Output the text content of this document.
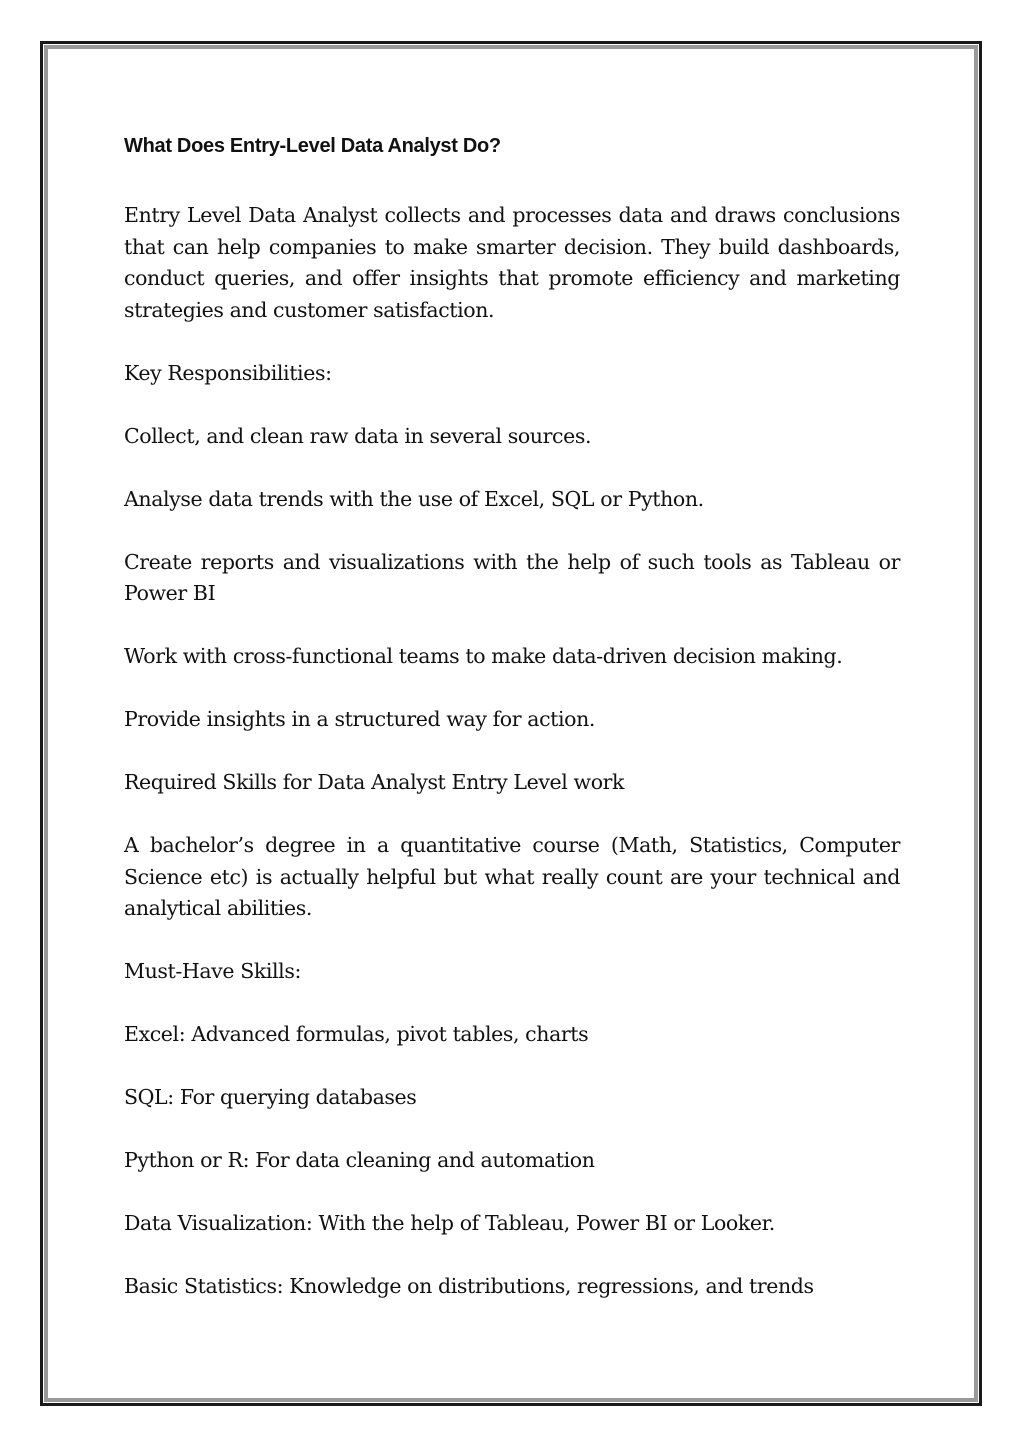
What Does Entry-Level Data Analyst Do?

Entry Level Data Analyst collects and processes data and draws conclusions that can help companies to make smarter decision. They build dashboards, conduct queries, and offer insights that promote efficiency and marketing strategies and customer satisfaction.

Key Responsibilities:

Collect, and clean raw data in several sources.

Analyse data trends with the use of Excel, SQL or Python.

Create reports and visualizations with the help of such tools as Tableau or Power BI

Work with cross-functional teams to make data-driven decision making.

Provide insights in a structured way for action.

Required Skills for Data Analyst Entry Level work

A bachelor’s degree in a quantitative course (Math, Statistics, Computer Science etc) is actually helpful but what really count are your technical and analytical abilities.

Must-Have Skills:

Excel: Advanced formulas, pivot tables, charts

SQL: For querying databases

Python or R: For data cleaning and automation

Data Visualization: With the help of Tableau, Power BI or Looker.

Basic Statistics: Knowledge on distributions, regressions, and trends
